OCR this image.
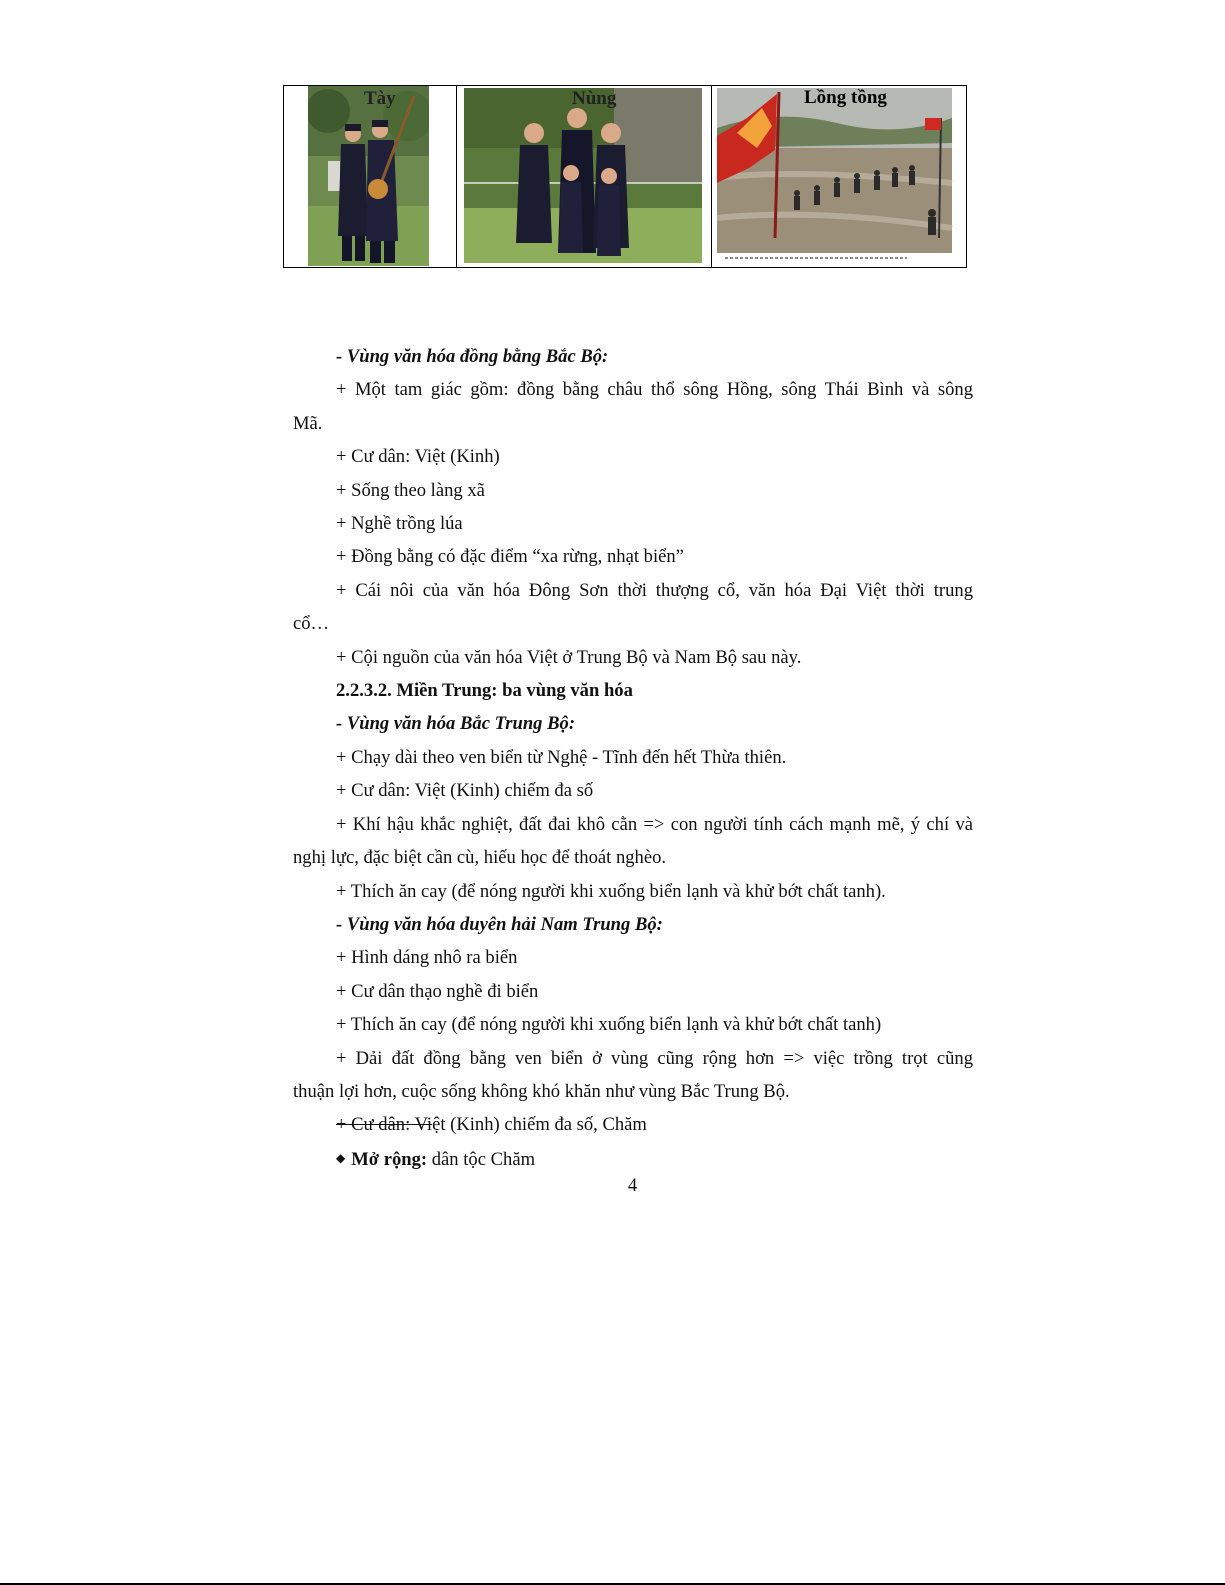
Tày	Nùng	Lồng tồng

- Vùng văn hóa đồng bằng Bắc Bộ:

+ Một tam giác gồm: đồng bằng châu thổ sông Hồng, sông Thái Bình và sông

Mã.

+ Cư dân: Việt (Kinh)

+ Sống theo làng xã

+ Nghề trồng lúa

+ Đồng bằng có đặc điểm “xa rừng, nhạt biển”

+ Cái nôi của văn hóa Đông Sơn thời thượng cổ, văn hóa Đại Việt thời trung

cổ…

+ Cội nguồn của văn hóa Việt ở Trung Bộ và Nam Bộ sau này.

2.2.3.2. Miền Trung: ba vùng văn hóa

- Vùng văn hóa Bắc Trung Bộ:

+ Chạy dài theo ven biển từ Nghệ - Tĩnh đến hết Thừa thiên.

+ Cư dân: Việt (Kinh) chiếm đa số

+ Khí hậu khắc nghiệt, đất đai khô cằn => con người tính cách mạnh mẽ, ý chí và

nghị lực, đặc biệt cần cù, hiếu học để thoát nghèo.

+ Thích ăn cay (để nóng người khi xuống biển lạnh và khử bớt chất tanh).

- Vùng văn hóa duyên hải Nam Trung Bộ:

+ Hình dáng nhô ra biển

+ Cư dân thạo nghề đi biển

+ Thích ăn cay (để nóng người khi xuống biển lạnh và khử bớt chất tanh)

+ Dải đất đồng bằng ven biển ở vùng cũng rộng hơn => việc trồng trọt cũng

thuận lợi hơn, cuộc sống không khó khăn như vùng Bắc Trung Bộ.

+ Cư dân: Việt (Kinh) chiếm đa số, Chăm

◆ Mở rộng: dân tộc Chăm

4
